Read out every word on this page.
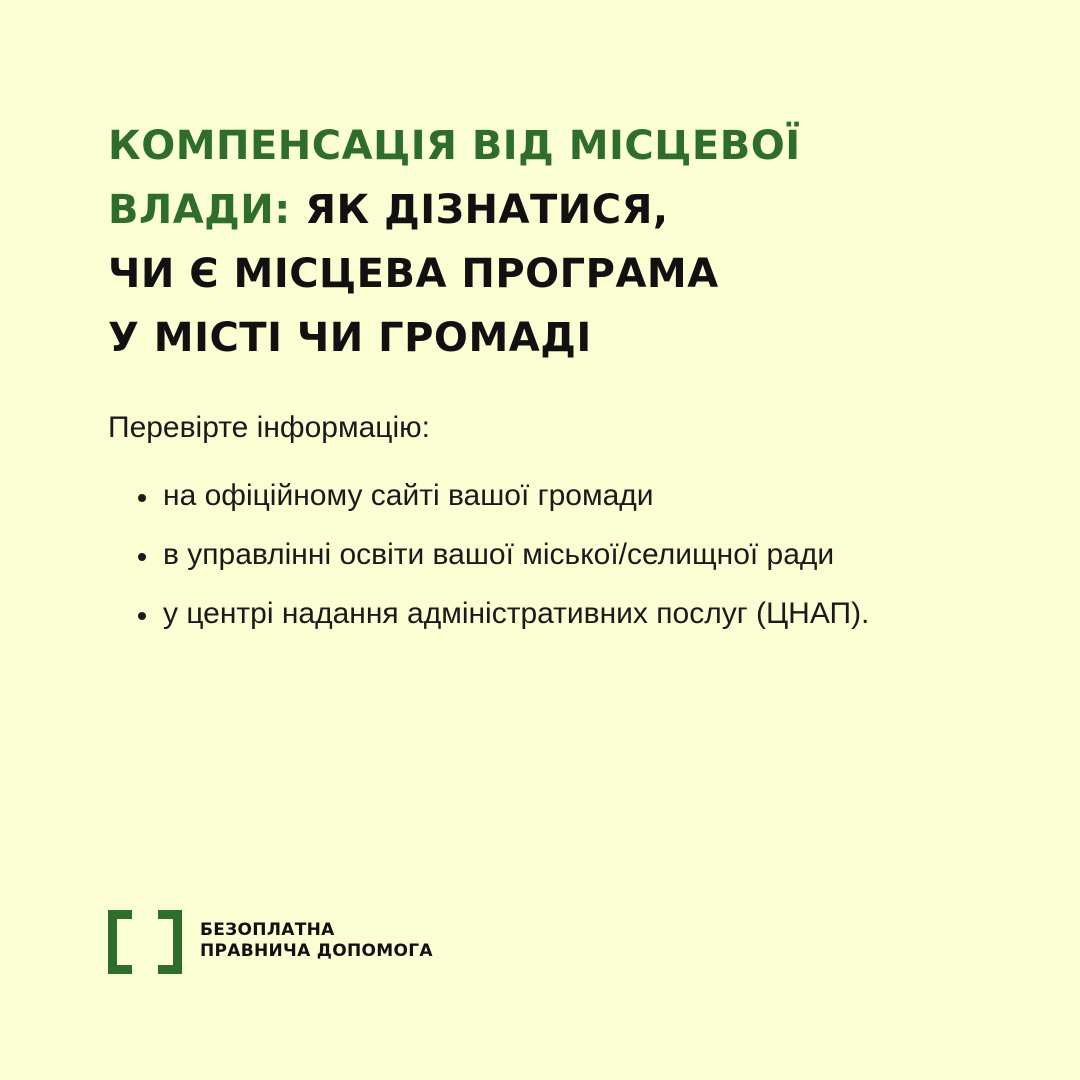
КОМПЕНСАЦІЯ ВІД МІСЦЕВОЇ
ВЛАДИ: ЯК ДІЗНАТИСЯ,
ЧИ Є МІСЦЕВА ПРОГРАМА
У МІСТІ ЧИ ГРОМАДІ

Перевірте інформацію:

на офіційному сайті вашої громади
в управлінні освіти вашої міської/селищної ради
у центрі надання адміністративних послуг (ЦНАП).
БЕЗОПЛАТНА
ПРАВНИЧА ДОПОМОГА
